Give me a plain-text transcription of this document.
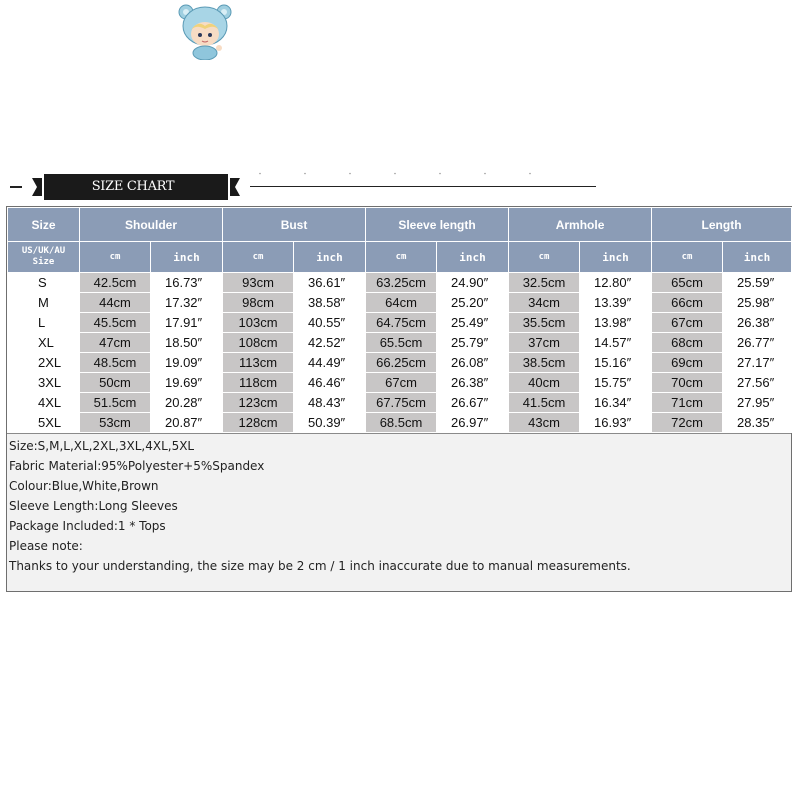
SIZE CHART
Size	Shoulder		Bust		Sleeve length		Armhole		Length	
US/UK/AU
Size	cm	inch	cm	inch	cm	inch	cm	inch	cm	inch
S	42.5cm	16.73″	93cm	36.61″	63.25cm	24.90″	32.5cm	12.80″	65cm	25.59″
M	44cm	17.32″	98cm	38.58″	64cm	25.20″	34cm	13.39″	66cm	25.98″
L	45.5cm	17.91″	103cm	40.55″	64.75cm	25.49″	35.5cm	13.98″	67cm	26.38″
XL	47cm	18.50″	108cm	42.52″	65.5cm	25.79″	37cm	14.57″	68cm	26.77″
2XL	48.5cm	19.09″	113cm	44.49″	66.25cm	26.08″	38.5cm	15.16″	69cm	27.17″
3XL	50cm	19.69″	118cm	46.46″	67cm	26.38″	40cm	15.75″	70cm	27.56″
4XL	51.5cm	20.28″	123cm	48.43″	67.75cm	26.67″	41.5cm	16.34″	71cm	27.95″
5XL	53cm	20.87″	128cm	50.39″	68.5cm	26.97″	43cm	16.93″	72cm	28.35″
Size:S,M,L,XL,2XL,3XL,4XL,5XL
Fabric Material:95%Polyester+5%Spandex
Colour:Blue,White,Brown
Sleeve Length:Long Sleeves
Package Included:1 * Tops
Please note:
Thanks to your understanding, the size may be 2 cm / 1 inch inaccurate due to manual measurements.
